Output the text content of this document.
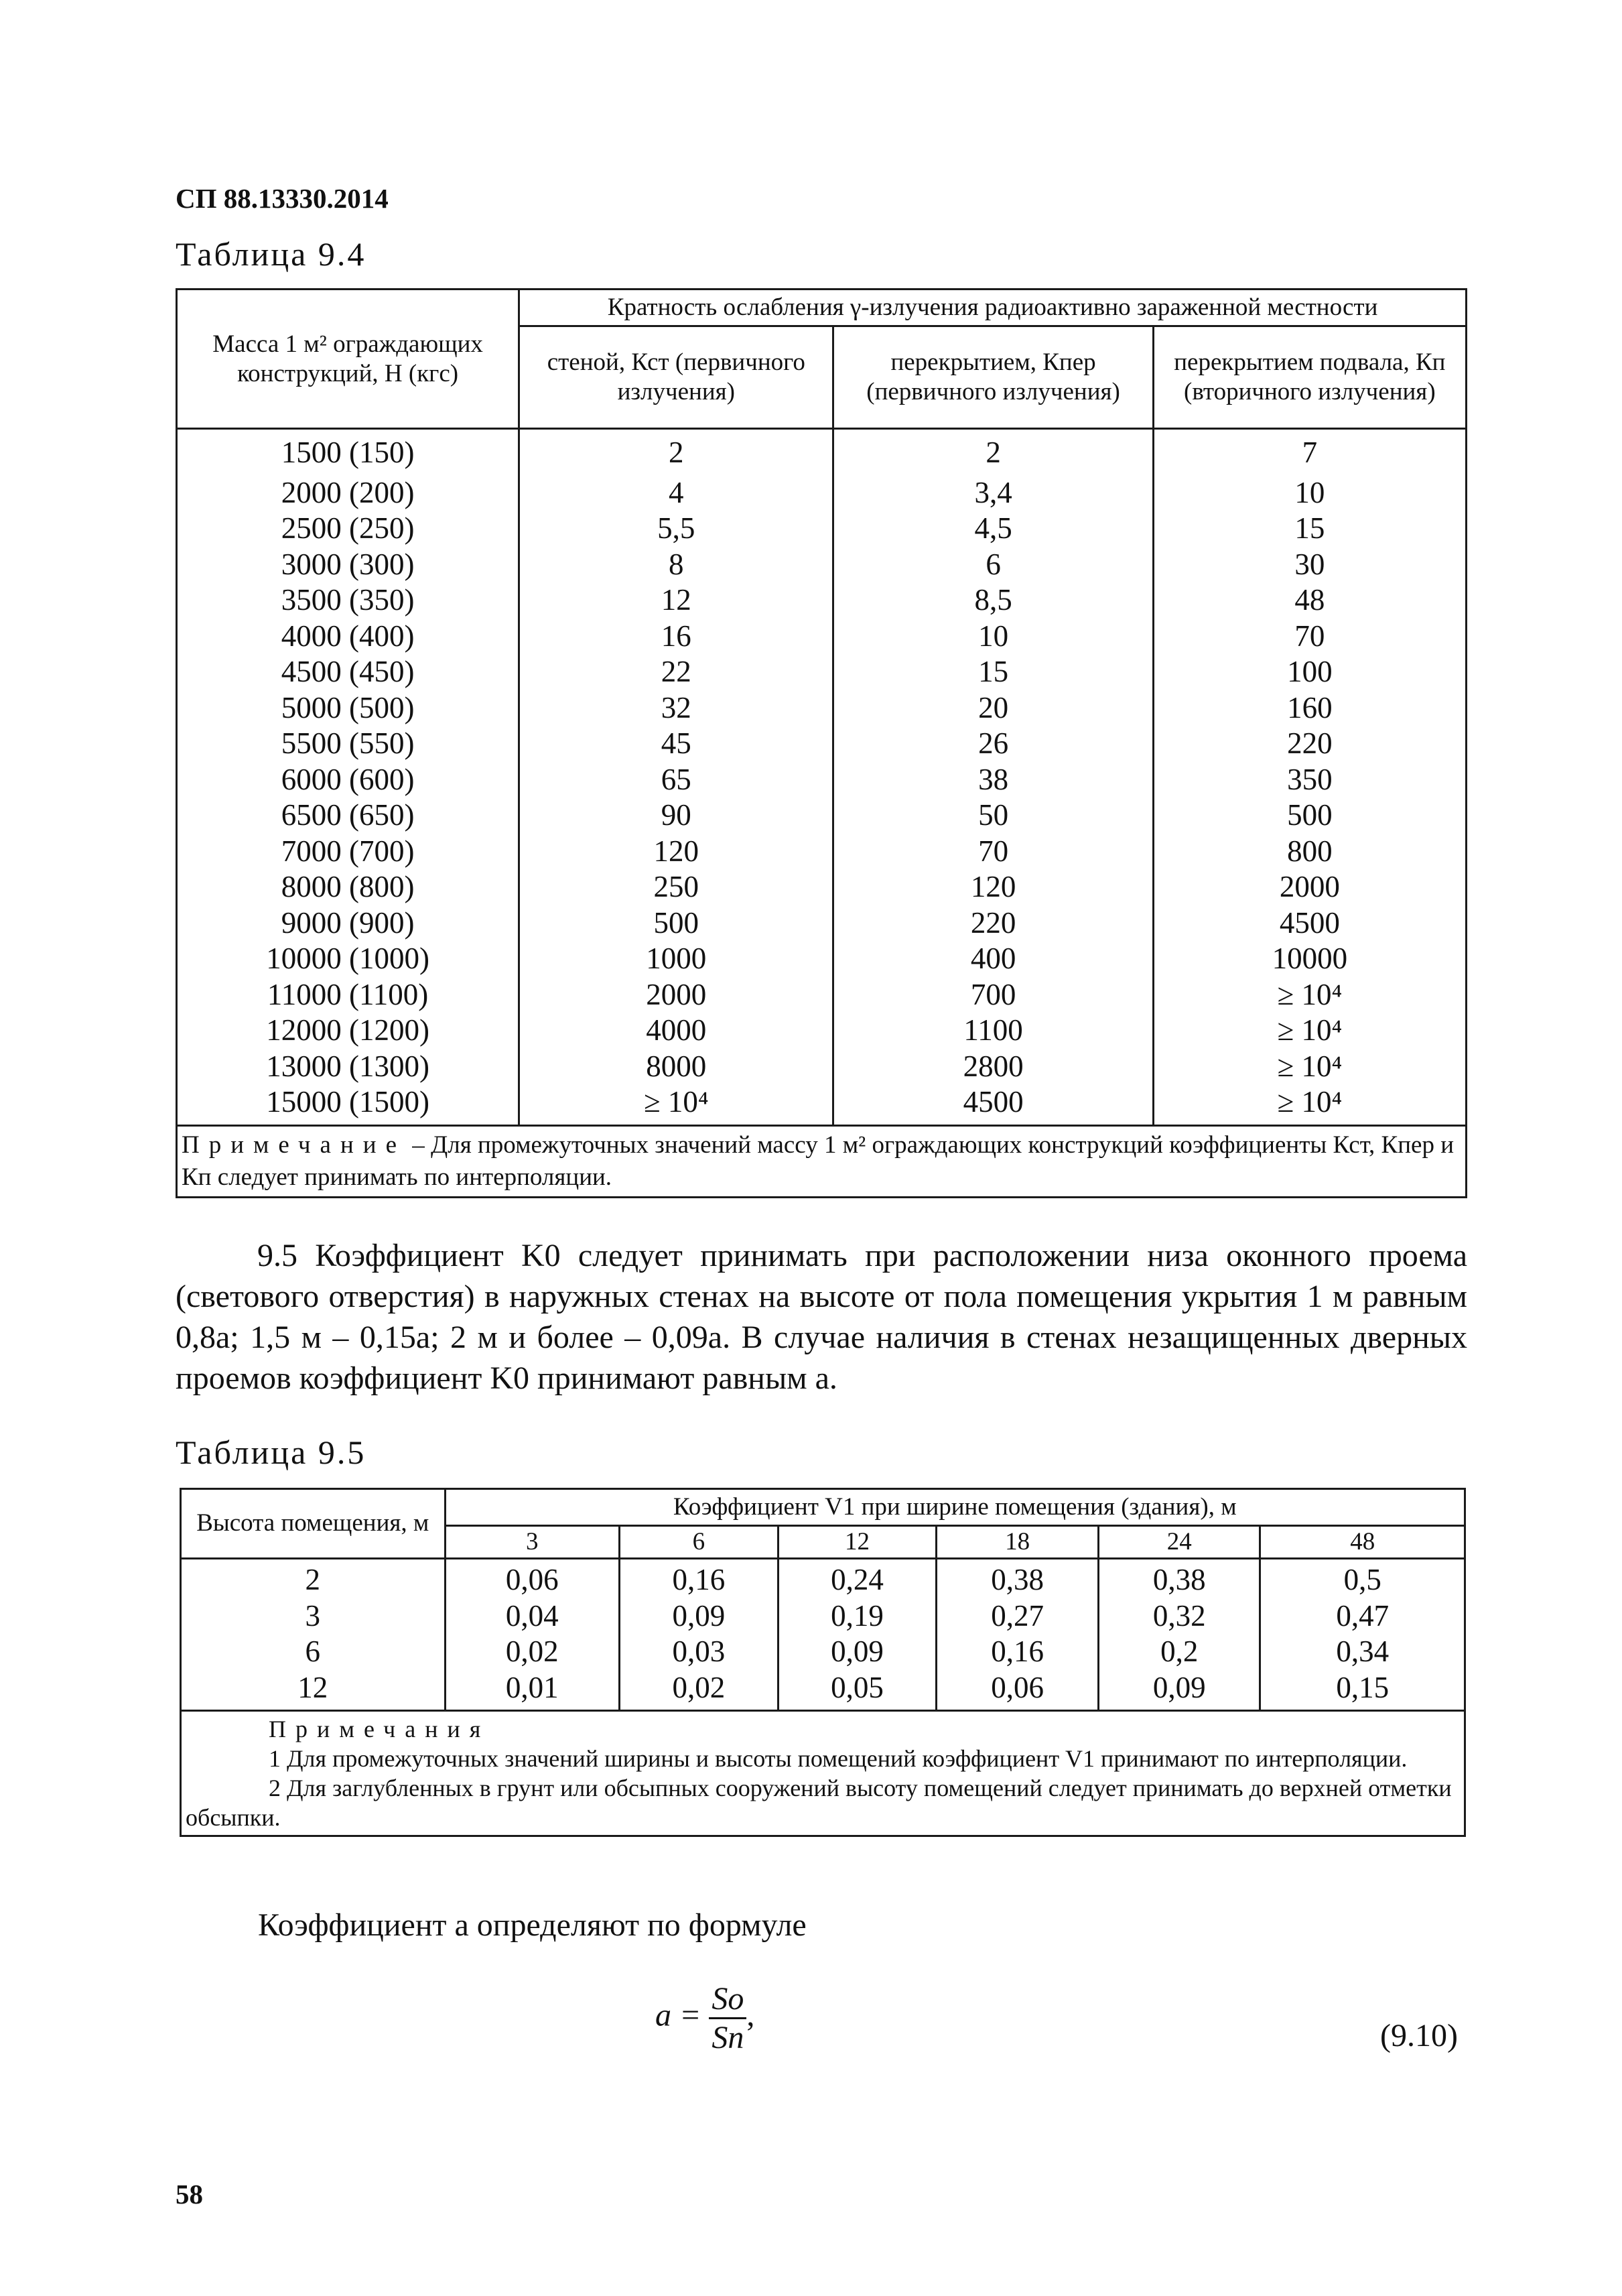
СП 88.13330.2014
Таблица 9.4
Масса 1 м² ограждающих конструкций, Н (кгс)	Кратность ослабления γ-излучения радиоактивно зараженной местности		
	стеной, Кст (первичного излучения)	перекрытием, Кпер (первичного излучения)	перекрытием подвала, Кп (вторичного излучения)
1500 (150)	2	2	7
2000 (200)	4	3,4	10
2500 (250)	5,5	4,5	15
3000 (300)	8	6	30
3500 (350)	12	8,5	48
4000 (400)	16	10	70
4500 (450)	22	15	100
5000 (500)	32	20	160
5500 (550)	45	26	220
6000 (600)	65	38	350
6500 (650)	90	50	500
7000 (700)	120	70	800
8000 (800)	250	120	2000
9000 (900)	500	220	4500
10000 (1000)	1000	400	10000
11000 (1100)	2000	700	≥ 10⁴
12000 (1200)	4000	1100	≥ 10⁴
13000 (1300)	8000	2800	≥ 10⁴
15000 (1500)	≥ 10⁴	4500	≥ 10⁴
Примечание – Для промежуточных значений массу 1 м² ограждающих конструкций коэффициенты Кст, Кпер и Кп следует принимать по интерполяции.			

9.5 Коэффициент K0 следует принимать при расположении низа оконного проема (светового отверстия) в наружных стенах на высоте от пола помещения укрытия 1 м равным 0,8a; 1,5 м – 0,15a; 2 м и более – 0,09a. В случае наличия в стенах незащищенных дверных проемов коэффициент K0 принимают равным a.

Таблица 9.5
Высота помещения, м	Коэффициент V1 при ширине помещения (здания), м					
	3	6	12	18	24	48
2	0,06	0,16	0,24	0,38	0,38	0,5
3	0,04	0,09	0,19	0,27	0,32	0,47
6	0,02	0,03	0,09	0,16	0,2	0,34
12	0,01	0,02	0,05	0,06	0,09	0,15

Примечания
1 Для промежуточных значений ширины и высоты помещений коэффициент V1 принимают по интерполяции.
2 Для заглубленных в грунт или обсыпных сооружений высоту помещений следует принимать до верхней отметки обсыпки.						
Коэффициент a определяют по формуле
$a = \frac{Sо}{Sп}$ ,
(9.10)
58
